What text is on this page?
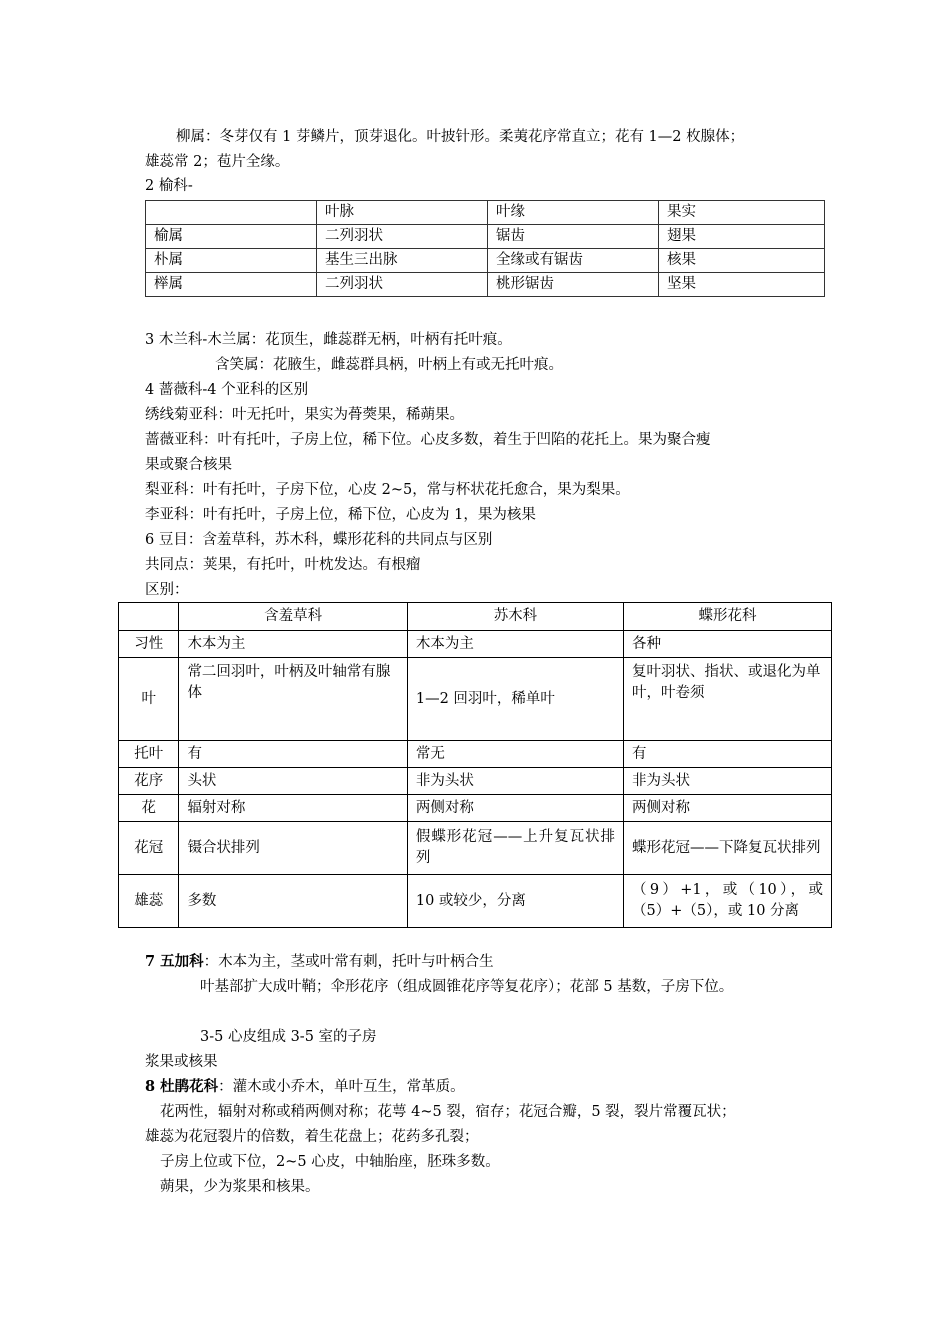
柳属：冬芽仅有 1 芽鳞片，顶芽退化。叶披针形。柔荑花序常直立；花有 1—2 枚腺体；
雄蕊常 2；苞片全缘。
2 榆科-
	叶脉	叶缘	果实
榆属	二列羽状	锯齿	翅果
朴属	基生三出脉	全缘或有锯齿	核果
榉属	二列羽状	桃形锯齿	坚果
3 木兰科-木兰属：花顶生，雌蕊群无柄，叶柄有托叶痕。
含笑属：花腋生，雌蕊群具柄，叶柄上有或无托叶痕。
4 蔷薇科-4 个亚科的区别
绣线菊亚科：叶无托叶，果实为蓇葖果，稀蒴果。
蔷薇亚科：叶有托叶，子房上位，稀下位。心皮多数，着生于凹陷的花托上。果为聚合瘦
果或聚合核果
梨亚科：叶有托叶，子房下位，心皮 2~5，常与杯状花托愈合，果为梨果。
李亚科：叶有托叶，子房上位，稀下位，心皮为 1，果为核果
6 豆目：含羞草科，苏木科，蝶形花科的共同点与区别
共同点：荚果，有托叶，叶枕发达。有根瘤
区别：
	含羞草科	苏木科	蝶形花科
习性	木本为主	木本为主	各种
叶	常二回羽叶，叶柄及叶轴常有腺体	1—2 回羽叶，稀单叶	复叶羽状、指状、或退化为单叶，叶卷须
托叶	有	常无	有
花序	头状	非为头状	非为头状
花	辐射对称	两侧对称	两侧对称
花冠	镊合状排列	假蝶形花冠——上升复瓦状排列	蝶形花冠——下降复瓦状排列
雄蕊	多数	10 或较少，分离	（9）+1，或（10），或（5）+（5），或 10 分离
7 五加科：木本为主，茎或叶常有刺，托叶与叶柄合生
叶基部扩大成叶鞘；伞形花序（组成圆锥花序等复花序）；花部 5 基数，子房下位。
3-5 心皮组成 3-5 室的子房
浆果或核果
8 杜鹃花科：灌木或小乔木，单叶互生，常革质。
花两性，辐射对称或稍两侧对称；花萼 4~5 裂，宿存；花冠合瓣，5 裂，裂片常覆瓦状；
雄蕊为花冠裂片的倍数，着生花盘上；花药多孔裂；
子房上位或下位，2~5 心皮，中轴胎座，胚珠多数。
蒴果，少为浆果和核果。
